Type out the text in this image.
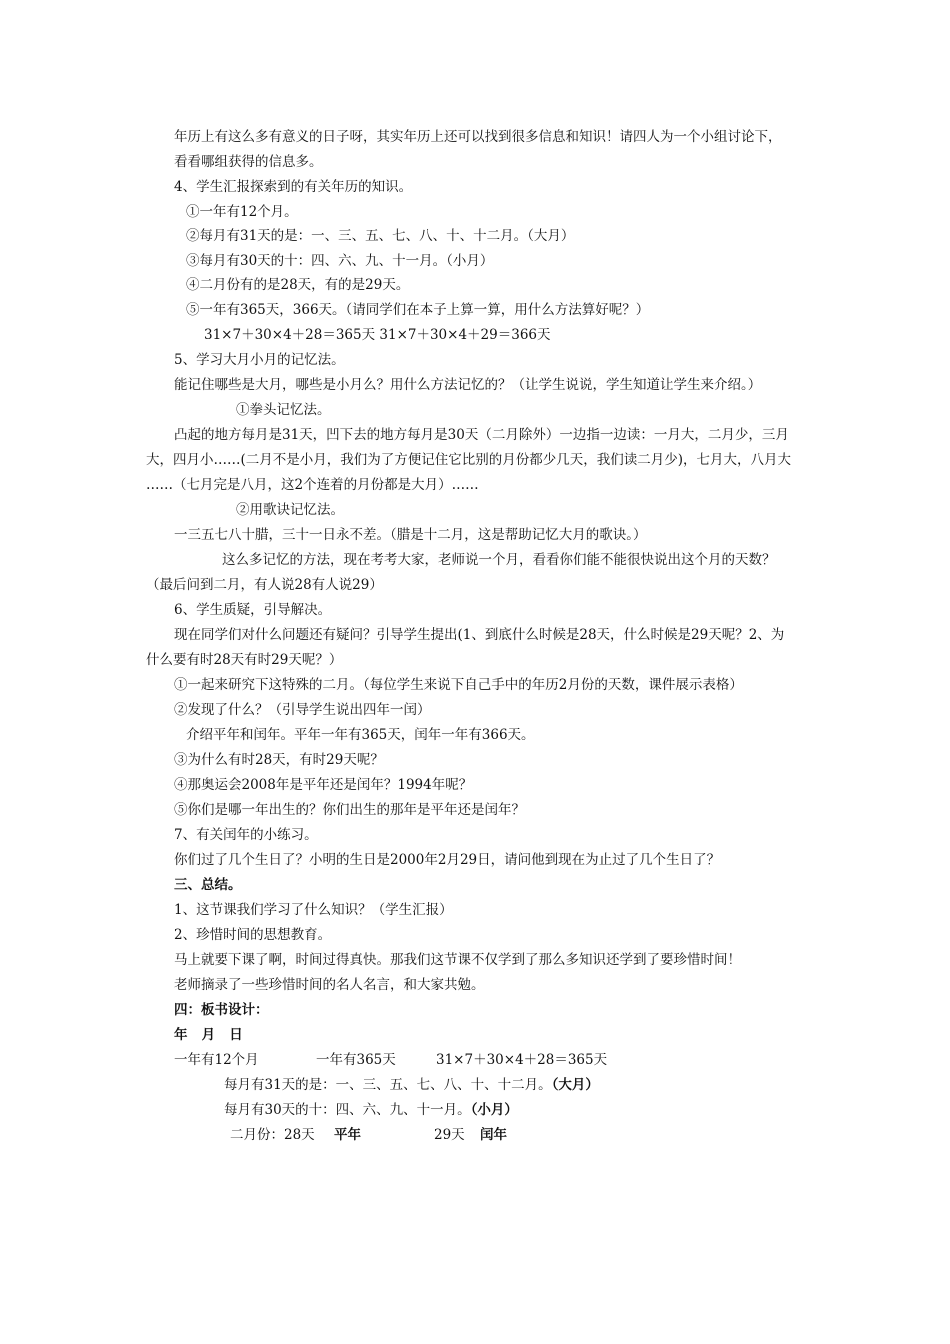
年历上有这么多有意义的日子呀，其实年历上还可以找到很多信息和知识！请四人为一个小组讨论下，
看看哪组获得的信息多。
4、学生汇报探索到的有关年历的知识。
①一年有12个月。
②每月有31天的是：一、三、五、七、八、十、十二月。（大月）
③每月有30天的十：四、六、九、十一月。（小月）
④二月份有的是28天，有的是29天。
⑤一年有365天，366天。（请同学们在本子上算一算，用什么方法算好呢？）
31×7＋30×4＋28＝365天 31×7＋30×4＋29＝366天
5、学习大月小月的记忆法。
能记住哪些是大月，哪些是小月么？用什么方法记忆的？（让学生说说，学生知道让学生来介绍。）
①拳头记忆法。
凸起的地方每月是31天，凹下去的地方每月是30天（二月除外）一边指一边读：一月大，二月少，三月
大，四月小……(二月不是小月，我们为了方便记住它比别的月份都少几天，我们读二月少)，七月大，八月大
……（七月完是八月，这2个连着的月份都是大月）……
②用歌诀记忆法。
一三五七八十腊，三十一日永不差。（腊是十二月，这是帮助记忆大月的歌诀。）
这么多记忆的方法，现在考考大家，老师说一个月，看看你们能不能很快说出这个月的天数？
（最后问到二月，有人说28有人说29）
6、学生质疑，引导解决。
现在同学们对什么问题还有疑问？引导学生提出(1、到底什么时候是28天，什么时候是29天呢？2、为
什么要有时28天有时29天呢？）
①一起来研究下这特殊的二月。（每位学生来说下自己手中的年历2月份的天数，课件展示表格）
②发现了什么？（引导学生说出四年一闰）
介绍平年和闰年。平年一年有365天，闰年一年有366天。
③为什么有时28天，有时29天呢？
④那奥运会2008年是平年还是闰年？1994年呢？
⑤你们是哪一年出生的？你们出生的那年是平年还是闰年？
7、有关闰年的小练习。
你们过了几个生日了？小明的生日是2000年2月29日，请问他到现在为止过了几个生日了？
三、总结。
1、这节课我们学习了什么知识？（学生汇报）
2、珍惜时间的思想教育。
马上就要下课了啊，时间过得真快。那我们这节课不仅学到了那么多知识还学到了要珍惜时间！
老师摘录了一些珍惜时间的名人名言，和大家共勉。
四：板书设计：
年   月   日
一年有12个月	一年有365天	31×7＋30×4＋28＝365天
每月有31天的是：一、三、五、七、八、十、十二月。（大月）
每月有30天的十：四、六、九、十一月。（小月）
二月份：28天 平年	29天 闰年
